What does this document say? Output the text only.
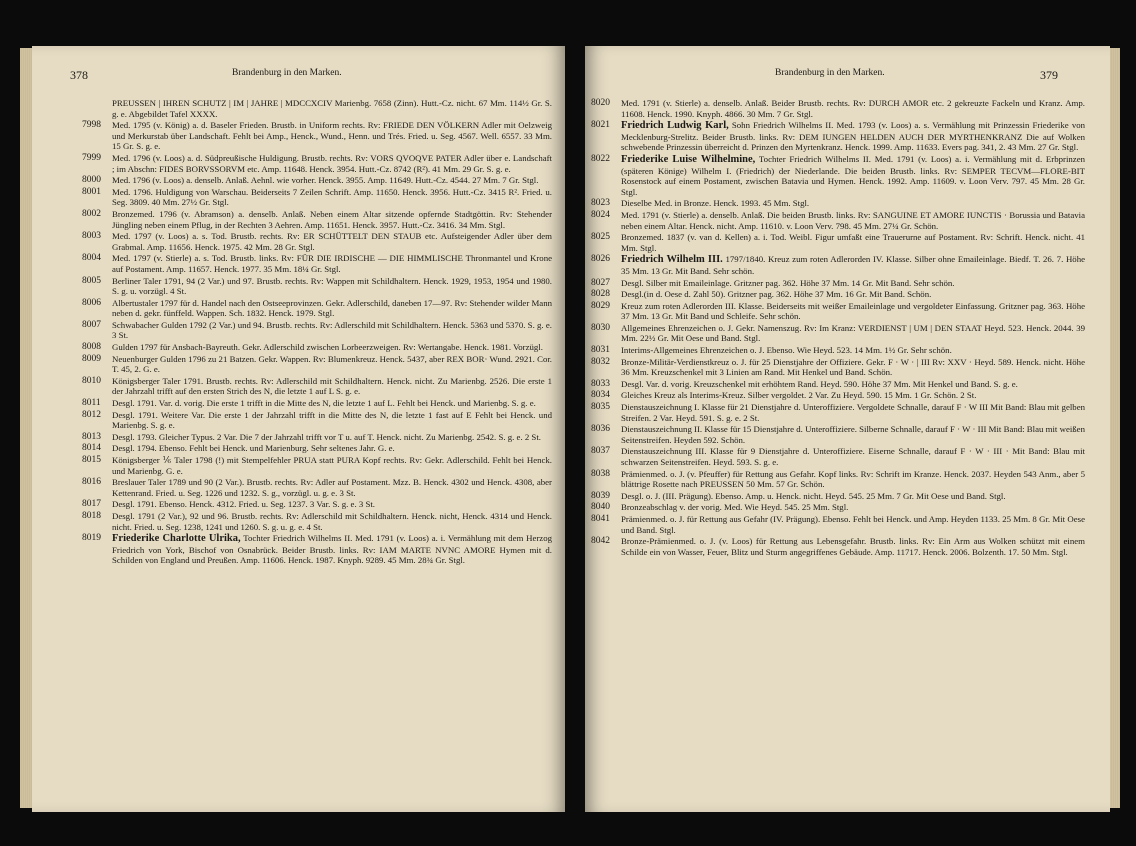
378	Brandenburg in den Marken.
PREUSSEN | IHREN SCHUTZ | IM | JAHRE | MDCCXCIV Marienbg. 7658 (Zinn). Hutt.-Cz. nicht. 67 Mm. 114½ Gr. S. g. e. Abgebildet Tafel XXXX.
7998 Med. 1795 (v. König) a. d. Baseler Frieden. Brustb. in Uniform rechts. Rv: FRIEDE DEN VÖLKERN Adler mit Oelzweig und Merkurstab über Landschaft. Fehlt bei Amp., Henck., Wund., Henn. und Trés. Fried. u. Seg. 4567. Well. 6557. 33 Mm. 15 Gr. S. g. e.
7999 Med. 1796 (v. Loos) a. d. Südpreußische Huldigung. Brustb. rechts. Rv: VORS QVOQVE PATER Adler über e. Landschaft ; im Abschn: FIDES BORVSSORVM etc. Amp. 11648. Henck. 3954. Hutt.-Cz. 8742 (R²). 41 Mm. 29 Gr. S. g. e.
8000 Med. 1796 (v. Loos) a. denselb. Anlaß. Aehnl. wie vorher. Henck. 3955. Amp. 11649. Hutt.-Cz. 4544. 27 Mm. 7 Gr. Stgl.
8001 Med. 1796. Huldigung von Warschau. Beiderseits 7 Zeilen Schrift. Amp. 11650. Henck. 3956. Hutt.-Cz. 3415 R². Fried. u. Seg. 3809. 40 Mm. 27½ Gr. Stgl.
8002 Bronzemed. 1796 (v. Abramson) a. denselb. Anlaß. Neben einem Altar sitzende opfernde Stadtgöttin. Rv: Stehender Jüngling neben einem Pflug, in der Rechten 3 Aehren. Amp. 11651. Henck. 3957. Hutt.-Cz. 3416. 34 Mm. Stgl.
8003 Med. 1797 (v. Loos) a. s. Tod. Brustb. rechts. Rv: ER SCHÜTTELT DEN STAUB etc. Aufsteigender Adler über dem Grabmal. Amp. 11656. Henck. 1975. 42 Mm. 28 Gr. Stgl.
8004 Med. 1797 (v. Stierle) a. s. Tod. Brustb. links. Rv: FÜR DIE IRDISCHE — DIE HIMMLISCHE Thronmantel und Krone auf Postament. Amp. 11657. Henck. 1977. 35 Mm. 18¼ Gr. Stgl.
8005 Berliner Taler 1791, 94 (2 Var.) und 97. Brustb. rechts. Rv: Wappen mit Schildhaltern. Henck. 1929, 1953, 1954 und 1980. S. g. u. vorzügl. 4 St.
8006 Albertustaler 1797 für d. Handel nach den Ostseeprovinzen. Gekr. Adlerschild, daneben 17—97. Rv: Stehender wilder Mann neben d. gekr. fünffeld. Wappen. Sch. 1832. Henck. 1979. Stgl.
8007 Schwabacher Gulden 1792 (2 Var.) und 94. Brustb. rechts. Rv: Adlerschild mit Schildhaltern. Henck. 5363 und 5370. S. g. e. 3 St.
8008 Gulden 1797 für Ansbach-Bayreuth. Gekr. Adlerschild zwischen Lorbeerzweigen. Rv: Wertangabe. Henck. 1981. Vorzügl.
8009 Neuenburger Gulden 1796 zu 21 Batzen. Gekr. Wappen. Rv: Blumenkreuz. Henck. 5437, aber REX BOR· Wund. 2921. Cor. T. 45, 2. G. e.
8010 Königsberger Taler 1791. Brustb. rechts. Rv: Adlerschild mit Schildhaltern. Henck. nicht. Zu Marienbg. 2526. Die erste 1 der Jahrzahl trifft auf den ersten Strich des N, die letzte 1 auf L S. g. e.
8011 Desgl. 1791. Var. d. vorig. Die erste 1 trifft in die Mitte des N, die letzte 1 auf L. Fehlt bei Henck. und Marienbg. S. g. e.
8012 Desgl. 1791. Weitere Var. Die erste 1 der Jahrzahl trifft in die Mitte des N, die letzte 1 fast auf E Fehlt bei Henck. und Marienbg. S. g. e.
8013 Desgl. 1793. Gleicher Typus. 2 Var. Die 7 der Jahrzahl trifft vor T u. auf T. Henck. nicht. Zu Marienbg. 2542. S. g. e. 2 St.
8014 Desgl. 1794. Ebenso. Fehlt bei Henck. und Marienburg. Sehr seltenes Jahr. G. e.
8015 Königsberger ⅙ Taler 1798 (!) mit Stempelfehler PRUA statt PURA Kopf rechts. Rv: Gekr. Adlerschild. Fehlt bei Henck. und Marienbg. G. e.
8016 Breslauer Taler 1789 und 90 (2 Var.). Brustb. rechts. Rv: Adler auf Postament. Mzz. B. Henck. 4302 und Henck. 4308, aber Kettenrand. Fried. u. Seg. 1226 und 1232. S. g., vorzügl. u. g. e. 3 St.
8017 Desgl. 1791. Ebenso. Henck. 4312. Fried. u. Seg. 1237. 3 Var. S. g. e. 3 St.
8018 Desgl. 1791 (2 Var.), 92 und 96. Brustb. rechts. Rv: Adlerschild mit Schildhaltern. Henck. nicht, Henck. 4314 und Henck. nicht. Fried. u. Seg. 1238, 1241 und 1260. S. g. u. g. e. 4 St.
8019 Friederike Charlotte Ulrika, Tochter Friedrich Wilhelms II. Med. 1791 (v. Loos) a. i. Vermählung mit dem Herzog Friedrich von York, Bischof von Osnabrück. Beider Brustb. links. Rv: IAM MARTE NVNC AMORE Hymen mit d. Schilden von England und Preußen. Amp. 11606. Henck. 1987. Knyph. 9289. 45 Mm. 28¾ Gr. Stgl.
Brandenburg in den Marken.	379
8020 Med. 1791 (v. Stierle) a. denselb. Anlaß. Beider Brustb. rechts. Rv: DURCH AMOR etc. 2 gekreuzte Fackeln und Kranz. Amp. 11608. Henck. 1990. Knyph. 4866. 30 Mm. 7 Gr. Stgl.
8021 Friedrich Ludwig Karl, Sohn Friedrich Wilhelms II. Med. 1793 (v. Loos) a. s. Vermählung mit Prinzessin Friederike von Mecklenburg-Strelitz. Beider Brustb. links. Rv: DEM IUNGEN HELDEN AUCH DER MYRTHENKRANZ Die auf Wolken schwebende Prinzessin überreicht d. Prinzen den Myrtenkranz. Henck. 1999. Amp. 11633. Evers pag. 341, 2. 43 Mm. 27 Gr. Stgl.
8022 Friederike Luise Wilhelmine, Tochter Friedrich Wilhelms II. Med. 1791 (v. Loos) a. i. Vermählung mit d. Erbprinzen (späteren Könige) Wilhelm I. (Friedrich) der Niederlande. Die beiden Brustb. links. Rv: SEMPER TECVM—FLORE-BIT Rosenstock auf einem Postament, zwischen Batavia und Hymen. Henck. 1992. Amp. 11609. v. Loon Verv. 797. 45 Mm. 28 Gr. Stgl.
8023 Dieselbe Med. in Bronze. Henck. 1993. 45 Mm. Stgl.
8024 Med. 1791 (v. Stierle) a. denselb. Anlaß. Die beiden Brustb. links. Rv: SANGUINE ET AMORE IUNCTIS · Borussia und Batavia neben einem Altar. Henck. nicht. Amp. 11610. v. Loon Verv. 798. 45 Mm. 27¼ Gr. Schön.
8025 Bronzemed. 1837 (v. van d. Kellen) a. i. Tod. Weibl. Figur umfaßt eine Trauerurne auf Postament. Rv: Schrift. Henck. nicht. 41 Mm. Stgl.
8026 Friedrich Wilhelm III. 1797/1840. Kreuz zum roten Adlerorden IV. Klasse. Silber ohne Emaileinlage. Biedf. T. 26. 7. Höhe 35 Mm. 13 Gr. Mit Band. Sehr schön.
8027 Desgl. Silber mit Emaileinlage. Gritzner pag. 362. Höhe 37 Mm. 14 Gr. Mit Band. Sehr schön.
8028 Desgl.(in d. Oese d. Zahl 50). Gritzner pag. 362. Höhe 37 Mm. 16 Gr. Mit Band. Schön.
8029 Kreuz zum roten Adlerorden III. Klasse. Beiderseits mit weißer Emaileinlage und vergoldeter Einfassung. Gritzner pag. 363. Höhe 37 Mm. 13 Gr. Mit Band und Schleife. Sehr schön.
8030 Allgemeines Ehrenzeichen o. J. Gekr. Namenszug. Rv: Im Kranz: VERDIENST | UM | DEN STAAT Heyd. 523. Henck. 2044. 39 Mm. 22½ Gr. Mit Oese und Band. Stgl.
8031 Interims-Allgemeines Ehrenzeichen o. J. Ebenso. Wie Heyd. 523. 14 Mm. 1½ Gr. Sehr schön.
8032 Bronze-Militär-Verdienstkreuz o. J. für 25 Dienstjahre der Offiziere. Gekr. F · W · | III Rv: XXV · Heyd. 589. Henck. nicht. Höhe 36 Mm. Kreuzschenkel mit 3 Linien am Rand. Mit Henkel und Band. Schön.
8033 Desgl. Var. d. vorig. Kreuzschenkel mit erhöhtem Rand. Heyd. 590. Höhe 37 Mm. Mit Henkel und Band. S. g. e.
8034 Gleiches Kreuz als Interims-Kreuz. Silber vergoldet. 2 Var. Zu Heyd. 590. 15 Mm. 1 Gr. Schön. 2 St.
8035 Dienstauszeichnung I. Klasse für 21 Dienstjahre d. Unteroffiziere. Vergoldete Schnalle, darauf F · W III Mit Band: Blau mit gelben Streifen. 2 Var. Heyd. 591. S. g. e. 2 St.
8036 Dienstauszeichnung II. Klasse für 15 Dienstjahre d. Unteroffiziere. Silberne Schnalle, darauf F · W · III Mit Band: Blau mit weißen Seitenstreifen. Heyden 592. Schön.
8037 Dienstauszeichnung III. Klasse für 9 Dienstjahre d. Unteroffiziere. Eiserne Schnalle, darauf F · W · III · Mit Band: Blau mit schwarzen Seitenstreifen. Heyd. 593. S. g. e.
8038 Prämienmed. o. J. (v. Pfeuffer) für Rettung aus Gefahr. Kopf links. Rv: Schrift im Kranze. Henck. 2037. Heyden 543 Anm., aber 5 blättrige Rosette nach PREUSSEN 50 Mm. 57 Gr. Schön.
8039 Desgl. o. J. (III. Prägung). Ebenso. Amp. u. Henck. nicht. Heyd. 545. 25 Mm. 7 Gr. Mit Oese und Band. Stgl.
8040 Bronzeabschlag v. der vorig. Med. Wie Heyd. 545. 25 Mm. Stgl.
8041 Prämienmed. o. J. für Rettung aus Gefahr (IV. Prägung). Ebenso. Fehlt bei Henck. und Amp. Heyden 1133. 25 Mm. 8 Gr. Mit Oese und Band. Stgl.
8042 Bronze-Prämienmed. o. J. (v. Loos) für Rettung aus Lebensgefahr. Brustb. links. Rv: Ein Arm aus Wolken schützt mit einem Schilde ein von Wasser, Feuer, Blitz und Sturm angegriffenes Gebäude. Amp. 11717. Henck. 2006. Bolzenth. 17. 50 Mm. Stgl.
